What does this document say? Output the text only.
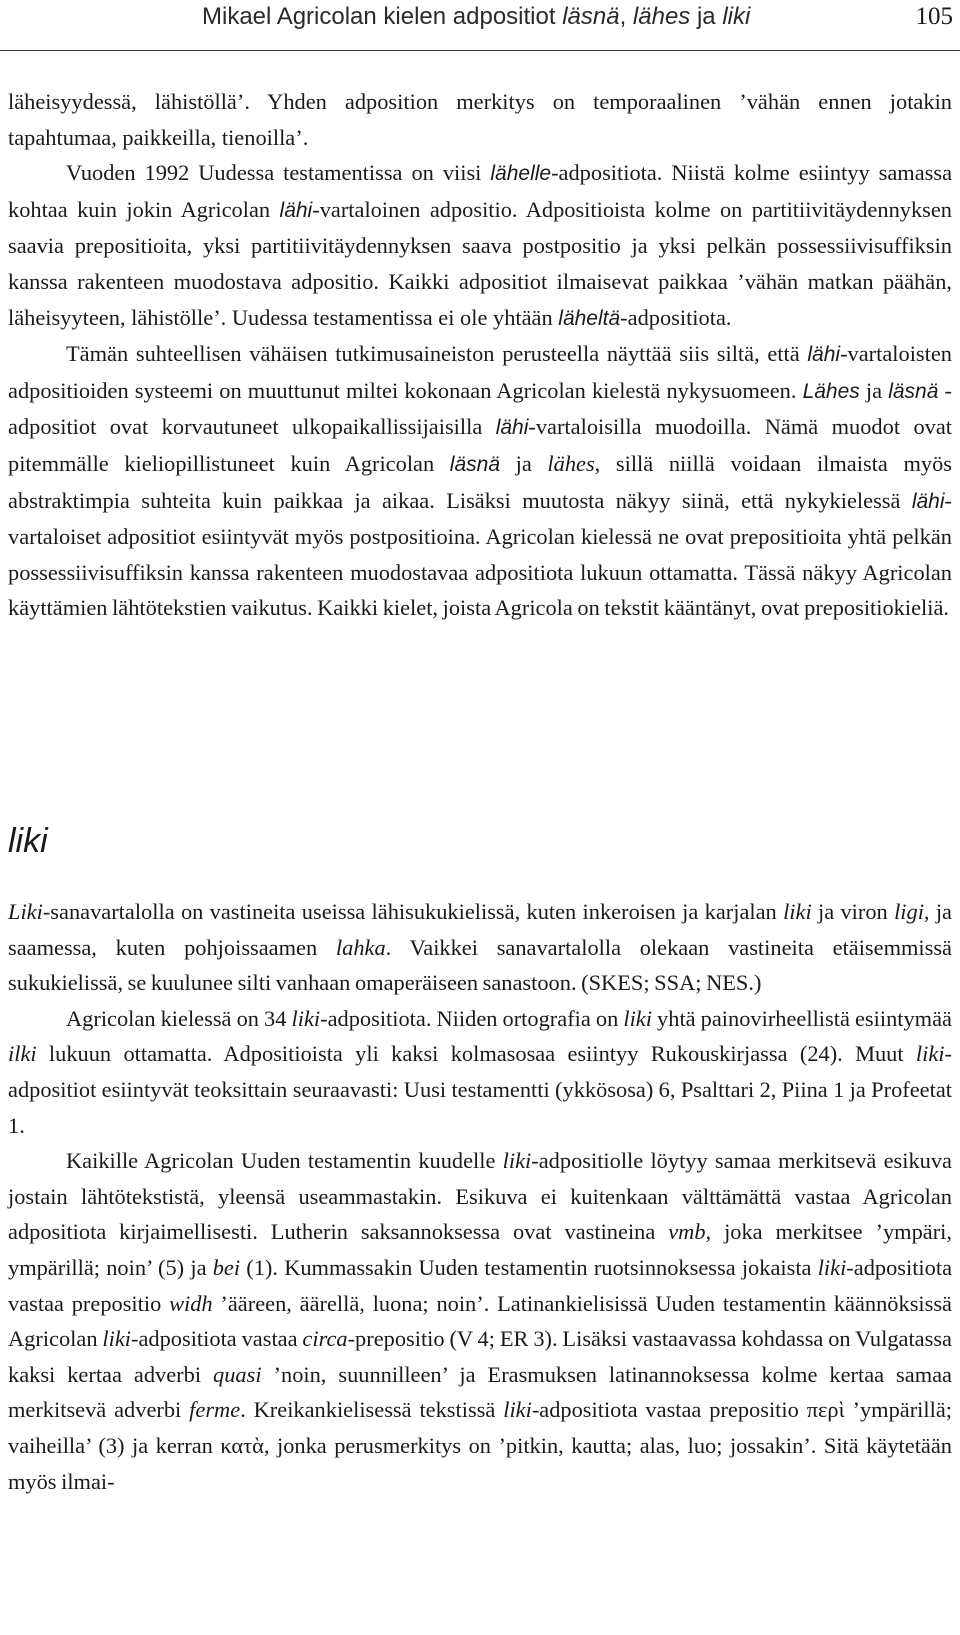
Mikael Agricolan kielen adpositiot läsnä, lähes ja liki	105

läheisyydessä, lähistöllä’. Yhden adposition merkitys on temporaalinen ’vähän ennen jotakin tapahtumaa, paikkeilla, tienoilla’.

Vuoden 1992 Uudessa testamentissa on viisi lähelle-adpositiota. Niistä kolme esiintyy samassa kohtaa kuin jokin Agricolan lähi-vartaloinen adpositio. Adpositioista kolme on partitiivitäydennyksen saavia prepositioita, yksi partitiivitäydennyksen saava postpositio ja yksi pelkän possessiivisuffiksin kanssa rakenteen muodostava adpositio. Kaikki adpositiot ilmaisevat paikkaa ’vähän matkan päähän, läheisyyteen, lähistölle’. Uudessa testamentissa ei ole yhtään läheltä-adpositiota.

Tämän suhteellisen vähäisen tutkimusaineiston perusteella näyttää siis siltä, että lähi-vartaloisten adpositioiden systeemi on muuttunut miltei kokonaan Agricolan kielestä nykysuomeen. Lähes ja läsnä -adpositiot ovat korvautuneet ulkopaikallissijaisilla lähi-vartaloisilla muodoilla. Nämä muodot ovat pitemmälle kieliopillistuneet kuin Agricolan läsnä ja lähes, sillä niillä voidaan ilmaista myös abstraktimpia suhteita kuin paikkaa ja aikaa. Lisäksi muutosta näkyy siinä, että nykykielessä lähi-vartaloiset adpositiot esiintyvät myös postpositioina. Agricolan kielessä ne ovat prepositioita yhtä pelkän possessiivisuffiksin kanssa rakenteen muodostavaa adpositiota lukuun ottamatta. Tässä näkyy Agricolan käyttämien lähtötekstien vaikutus. Kaikki kielet, joista Agricola on tekstit kääntänyt, ovat prepositiokieliä.

liki

Liki-sanavartalolla on vastineita useissa lähisukukielissä, kuten inkeroisen ja karjalan liki ja viron ligi, ja saamessa, kuten pohjoissaamen lahka. Vaikkei sanavartalolla olekaan vastineita etäisemmissä sukukielissä, se kuulunee silti vanhaan omaperäiseen sanastoon. (SKES; SSA; NES.)

Agricolan kielessä on 34 liki-adpositiota. Niiden ortografia on liki yhtä painovirheellistä esiintymää ilki lukuun ottamatta. Adpositioista yli kaksi kolmasosaa esiintyy Rukouskirjassa (24). Muut liki-adpositiot esiintyvät teoksittain seuraavasti: Uusi testamentti (ykkösosa) 6, Psalttari 2, Piina 1 ja Profeetat 1.

Kaikille Agricolan Uuden testamentin kuudelle liki-adpositiolle löytyy samaa merkitsevä esikuva jostain lähtötekstistä, yleensä useammastakin. Esikuva ei kuitenkaan välttämättä vastaa Agricolan adpositiota kirjaimellisesti. Lutherin saksannoksessa ovat vastineina vmb, joka merkitsee ’ympäri, ympärillä; noin’ (5) ja bei (1). Kummassakin Uuden testamentin ruotsinnoksessa jokaista liki-adpositiota vastaa prepositio widh ’ääreen, äärellä, luona; noin’. Latinankielisissä Uuden testamentin käännöksissä Agricolan liki-adpositiota vastaa circa-prepositio (V 4; ER 3). Lisäksi vastaavassa kohdassa on Vulgatassa kaksi kertaa adverbi quasi ’noin, suunnilleen’ ja Erasmuksen latinannoksessa kolme kertaa samaa merkitsevä adverbi ferme. Kreikankielisessä tekstissä liki-adpositiota vastaa prepositio περὶ ’ympärillä; vaiheilla’ (3) ja kerran κατὰ, jonka perusmerkitys on ’pitkin, kautta; alas, luo; jossakin’. Sitä käytetään myös ilmai-
